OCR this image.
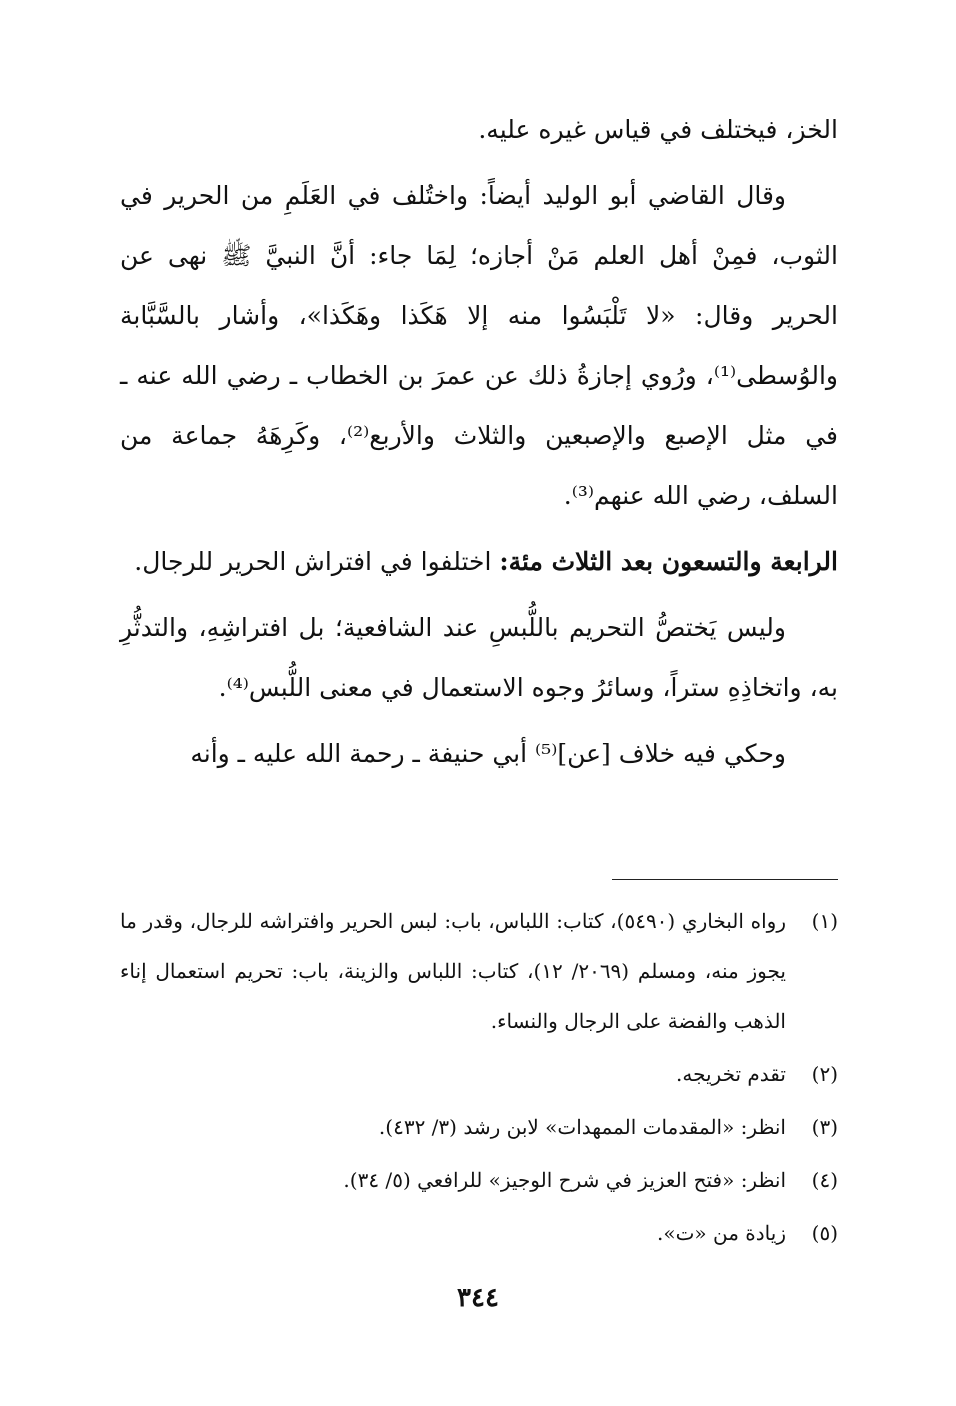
الخز، فيختلف في قياس غيره عليه.

وقال القاضي أبو الوليد أيضاً: واختُلف في العَلَمِ من الحرير في الثوب، فمِنْ أهل العلم مَنْ أجازه؛ لِمَا جاء: أنَّ النبيَّ ﷺ نهى عن الحرير وقال: «لا تَلْبَسُوا منه إلا هَكَذا وهَكَذا»، وأشار بالسَّبَّابة والوُسطى⁽¹⁾، ورُوي إجازةُ ذلك عن عمرَ بن الخطاب ـ رضي الله عنه ـ في مثل الإصبع والإصبعين والثلاث والأربع⁽²⁾، وكَرِهَهُ جماعة من السلف، رضي الله عنهم⁽³⁾.

الرابعة والتسعون بعد الثلاث مئة: اختلفوا في افتراش الحرير للرجال.

وليس يَختصُّ التحريم باللُّبسِ عند الشافعية؛ بل افتراشِهِ، والتدثُّرِ به، واتخاذِهِ ستراً، وسائرُ وجوه الاستعمال في معنى اللُّبس⁽⁴⁾.

وحكي فيه خلاف [عن]⁽⁵⁾ أبي حنيفة ـ رحمة الله عليه ـ وأنه

(١)
رواه البخاري (٥٤٩٠)، كتاب: اللباس، باب: لبس الحرير وافتراشه للرجال، وقدر ما يجوز منه، ومسلم (٢٠٦٩/ ١٢)، كتاب: اللباس والزينة، باب: تحريم استعمال إناء الذهب والفضة على الرجال والنساء.
(٢)
تقدم تخريجه.
(٣)
انظر: «المقدمات الممهدات» لابن رشد (٣/ ٤٣٢).
(٤)
انظر: «فتح العزيز في شرح الوجيز» للرافعي (٥/ ٣٤).
(٥)
زيادة من «ت».
٣٤٤
